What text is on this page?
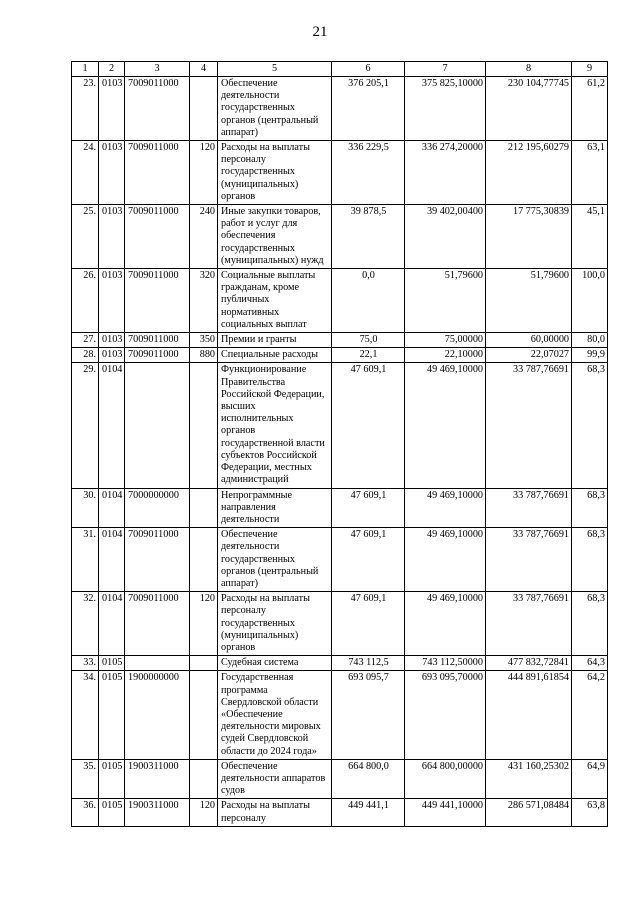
21
1	2	3	4	5	6	7	8	9
23.	0103	7009011000		Обеспечение деятельности государственных органов (центральный аппарат)	376 205,1	375 825,10000	230 104,77745	61,2
24.	0103	7009011000	120	Расходы на выплаты персоналу государственных (муниципальных) органов	336 229,5	336 274,20000	212 195,60279	63,1
25.	0103	7009011000	240	Иные закупки товаров, работ и услуг для обеспечения государственных (муниципальных) нужд	39 878,5	39 402,00400	17 775,30839	45,1
26.	0103	7009011000	320	Социальные выплаты гражданам, кроме публичных нормативных социальных выплат	0,0	51,79600	51,79600	100,0
27.	0103	7009011000	350	Премии и гранты	75,0	75,00000	60,00000	80,0
28.	0103	7009011000	880	Специальные расходы	22,1	22,10000	22,07027	99,9
29.	0104			Функционирование Правительства Российской Федерации, высших исполнительных органов государственной власти субъектов Российской Федерации, местных администраций	47 609,1	49 469,10000	33 787,76691	68,3
30.	0104	7000000000		Непрограммные направления деятельности	47 609,1	49 469,10000	33 787,76691	68,3
31.	0104	7009011000		Обеспечение деятельности государственных органов (центральный аппарат)	47 609,1	49 469,10000	33 787,76691	68,3
32.	0104	7009011000	120	Расходы на выплаты персоналу государственных (муниципальных) органов	47 609,1	49 469,10000	33 787,76691	68,3
33.	0105			Судебная система	743 112,5	743 112,50000	477 832,72841	64,3
34.	0105	1900000000		Государственная программа Свердловской области «Обеспечение деятельности мировых судей Свердловской области до 2024 года»	693 095,7	693 095,70000	444 891,61854	64,2
35.	0105	1900311000		Обеспечение деятельности аппаратов судов	664 800,0	664 800,00000	431 160,25302	64,9
36.	0105	1900311000	120	Расходы на выплаты персоналу	449 441,1	449 441,10000	286 571,08484	63,8
